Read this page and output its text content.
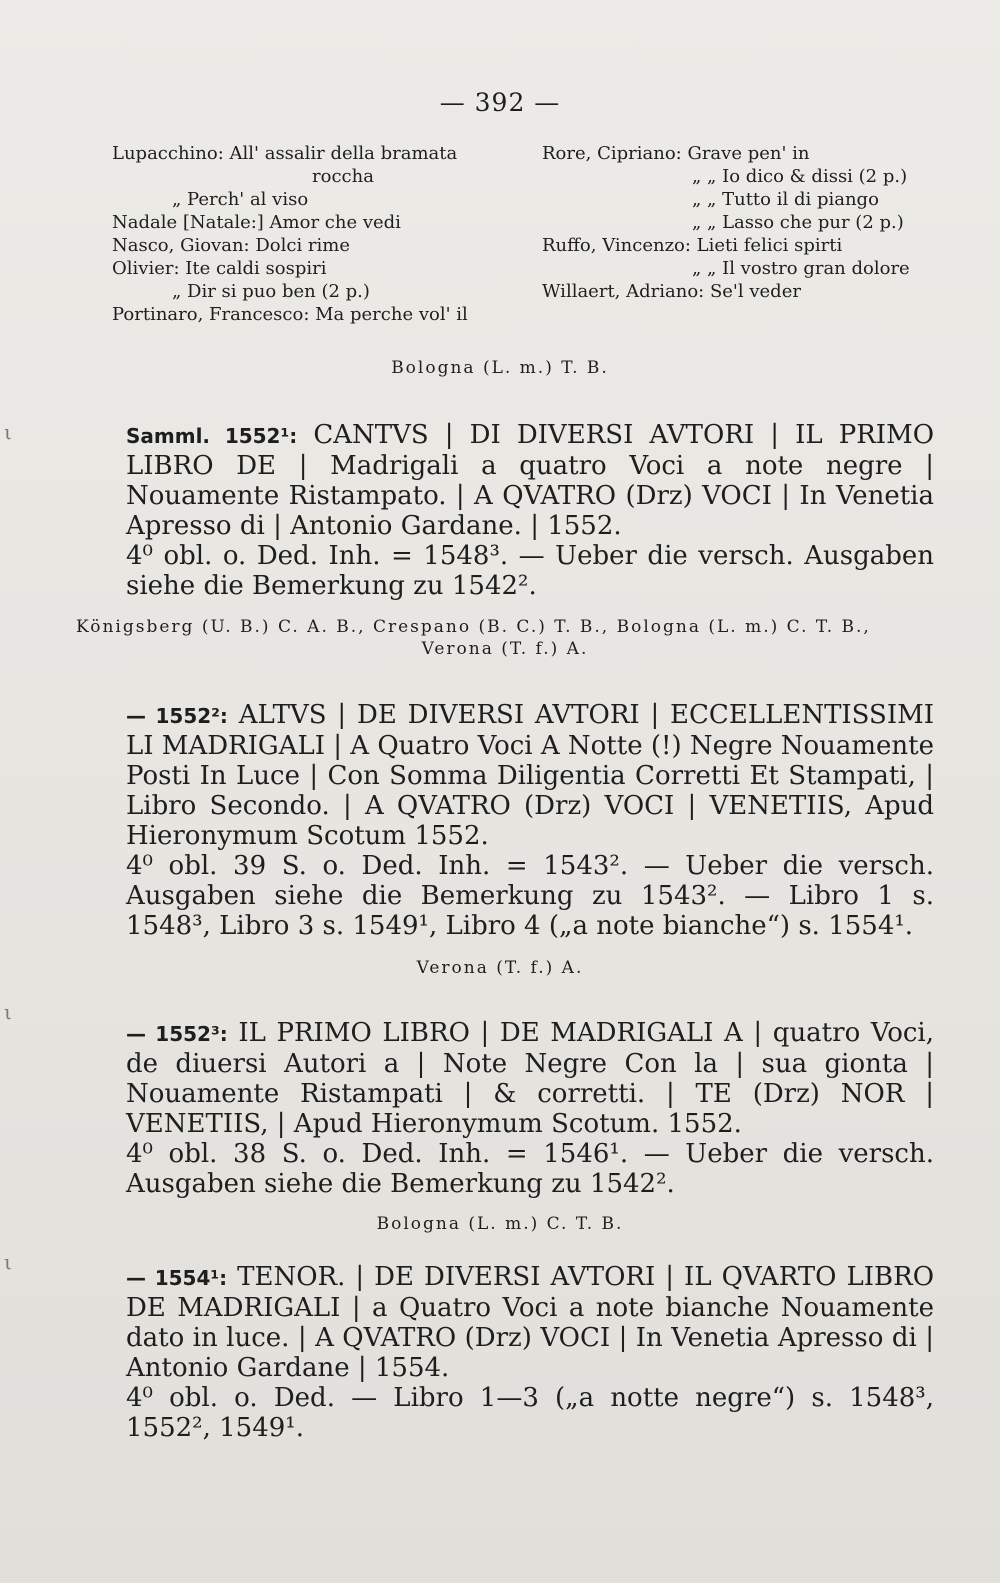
— 392 —
Lupacchino: All' assalir della bramata
roccha
„ Perch' al viso
Nadale [Natale:] Amor che vedi
Nasco, Giovan: Dolci rime
Olivier: Ite caldi sospiri
„ Dir si puo ben (2 p.)
Portinaro, Francesco: Ma perche vol' il
Rore, Cipriano: Grave pen' in
„ „ Io dico & dissi (2 p.)
„ „ Tutto il di piango
„ „ Lasso che pur (2 p.)
Ruffo, Vincenzo: Lieti felici spirti
„ „ Il vostro gran dolore
Willaert, Adriano: Se'l veder
Bologna (L. m.) T. B.
ι	Samml. 1552¹: CANTVS | DI DIVERSI AVTORI | IL PRIMO LIBRO DE | Madrigali a quatro Voci a note negre | Nouamente Ristampato. | A QVATRO (Drz) VOCI | In Venetia Apresso di | Antonio Gardane. | 1552.

4⁰ obl. o. Ded. Inh. = 1548³. — Ueber die versch. Ausgaben siehe die Bemerkung zu 1542².

Königsberg (U. B.) C. A. B., Crespano (B. C.) T. B., Bologna (L. m.) C. T. B.,
Verona (T. f.) A.

— 1552²: ALTVS | DE DIVERSI AVTORI | ECCELLENTISSIMI LI MADRIGALI | A Quatro Voci A Notte (!) Negre Nouamente Posti In Luce | Con Somma Diligentia Corretti Et Stampati, | Libro Secondo. | A QVATRO (Drz) VOCI | VENETIIS, Apud Hieronymum Scotum 1552.

4⁰ obl. 39 S. o. Ded. Inh. = 1543². — Ueber die versch. Ausgaben siehe die Bemerkung zu 1543². — Libro 1 s. 1548³, Libro 3 s. 1549¹, Libro 4 („a note bianche“) s. 1554¹.

Verona (T. f.) A.
ι

— 1552³: IL PRIMO LIBRO | DE MADRIGALI A | quatro Voci, de diuersi Autori a | Note Negre Con la | sua gionta | Nouamente Ristampati | & corretti. | TE (Drz) NOR | VENETIIS, | Apud Hieronymum Scotum. 1552.

4⁰ obl. 38 S. o. Ded. Inh. = 1546¹. — Ueber die versch. Ausgaben siehe die Bemerkung zu 1542².

Bologna (L. m.) C. T. B.
ι

— 1554¹: TENOR. | DE DIVERSI AVTORI | IL QVARTO LIBRO DE MADRIGALI | a Quatro Voci a note bianche Nouamente dato in luce. | A QVATRO (Drz) VOCI | In Venetia Apresso di | Antonio Gardane | 1554.

4⁰ obl. o. Ded. — Libro 1—3 („a notte negre“) s. 1548³, 1552², 1549¹.
